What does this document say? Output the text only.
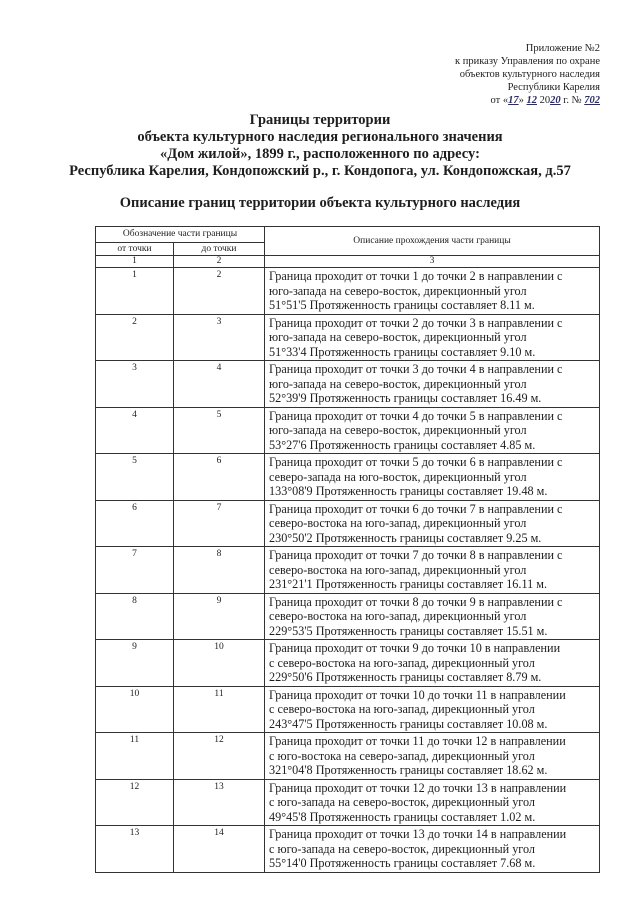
Приложение №2
к приказу Управления по охране
объектов культурного наследия
Республики Карелия
от «17» 12 2020 г. № 702
Границы территории
объекта культурного наследия регионального значения
«Дом жилой», 1899 г., расположенного по адресу:
Республика Карелия, Кондопожский р., г. Кондопога, ул. Кондопожская, д.57
Описание границ территории объекта культурного наследия
Обозначение части границы		Описание прохождения части границы
от точки	до точки	
1	2	3
1	2	Граница проходит от точки 1 до точки 2 в направлении с
юго-запада на северо-восток, дирекционный угол
51°51'5 Протяженность границы составляет 8.11 м.

2	3	Граница проходит от точки 2 до точки 3 в направлении с
юго-запада на северо-восток, дирекционный угол
51°33'4 Протяженность границы составляет 9.10 м.

3	4	Граница проходит от точки 3 до точки 4 в направлении с
юго-запада на северо-восток, дирекционный угол
52°39'9 Протяженность границы составляет 16.49 м.

4	5	Граница проходит от точки 4 до точки 5 в направлении с
юго-запада на северо-восток, дирекционный угол
53°27'6 Протяженность границы составляет 4.85 м.

5	6	Граница проходит от точки 5 до точки 6 в направлении с
северо-запада на юго-восток, дирекционный угол
133°08'9 Протяженность границы составляет 19.48 м.

6	7	Граница проходит от точки 6 до точки 7 в направлении с
северо-востока на юго-запад, дирекционный угол
230°50'2 Протяженность границы составляет 9.25 м.

7	8	Граница проходит от точки 7 до точки 8 в направлении с
северо-востока на юго-запад, дирекционный угол
231°21'1 Протяженность границы составляет 16.11 м.

8	9	Граница проходит от точки 8 до точки 9 в направлении с
северо-востока на юго-запад, дирекционный угол
229°53'5 Протяженность границы составляет 15.51 м.

9	10	Граница проходит от точки 9 до точки 10 в направлении
с северо-востока на юго-запад, дирекционный угол
229°50'6 Протяженность границы составляет 8.79 м.

10	11	Граница проходит от точки 10 до точки 11 в направлении
с северо-востока на юго-запад, дирекционный угол
243°47'5 Протяженность границы составляет 10.08 м.

11	12	Граница проходит от точки 11 до точки 12 в направлении
с юго-востока на северо-запад, дирекционный угол
321°04'8 Протяженность границы составляет 18.62 м.

12	13	Граница проходит от точки 12 до точки 13 в направлении
с юго-запада на северо-восток, дирекционный угол
49°45'8 Протяженность границы составляет 1.02 м.

13	14	Граница проходит от точки 13 до точки 14 в направлении
с юго-запада на северо-восток, дирекционный угол
55°14'0 Протяженность границы составляет 7.68 м.
